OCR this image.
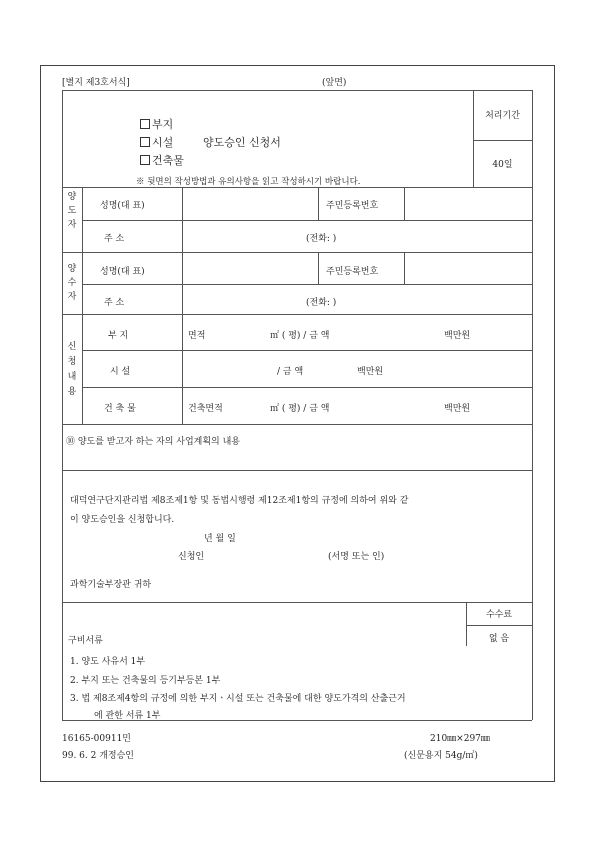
[별지 제3호서식]	(앞면)
부지
시설
건축물
양도승인 신청서
※ 뒷면의 작성방법과 유의사항을 읽고 작성하시기 바랍니다.
처리기간
40일
양
도
자
성명(대 표)	주민등록번호
주 소	(전화: )
양
수
자
성명(대 표)	주민등록번호
주 소	(전화: )
신
청
내
용
부 지	면적	㎡ ( 평) / 금 액	백만원
시 설	/ 금 액	백만원
건 축 물	건축면적	㎡ ( 평) / 금 액	백만원
⑩ 양도를 받고자 하는 자의 사업계획의 내용
대덕연구단지관리법 제8조제1항 및 동법시행령 제12조제1항의 규정에 의하여 위와 같
이 양도승인을 신청합니다.
년 월 일
신청인	(서명 또는 인)
과학기술부장관 귀하
구비서류
수수료
없 음
1. 양도 사유서 1부
2. 부지 또는 건축물의 등기부등본 1부
3. 법 제8조제4항의 규정에 의한 부지ㆍ시설 또는 건축물에 대한 양도가격의 산출근거
에 관한 서류 1부
16165-00911민
99. 6. 2 개정승인
210㎜×297㎜
(신문용지 54g/㎡)
